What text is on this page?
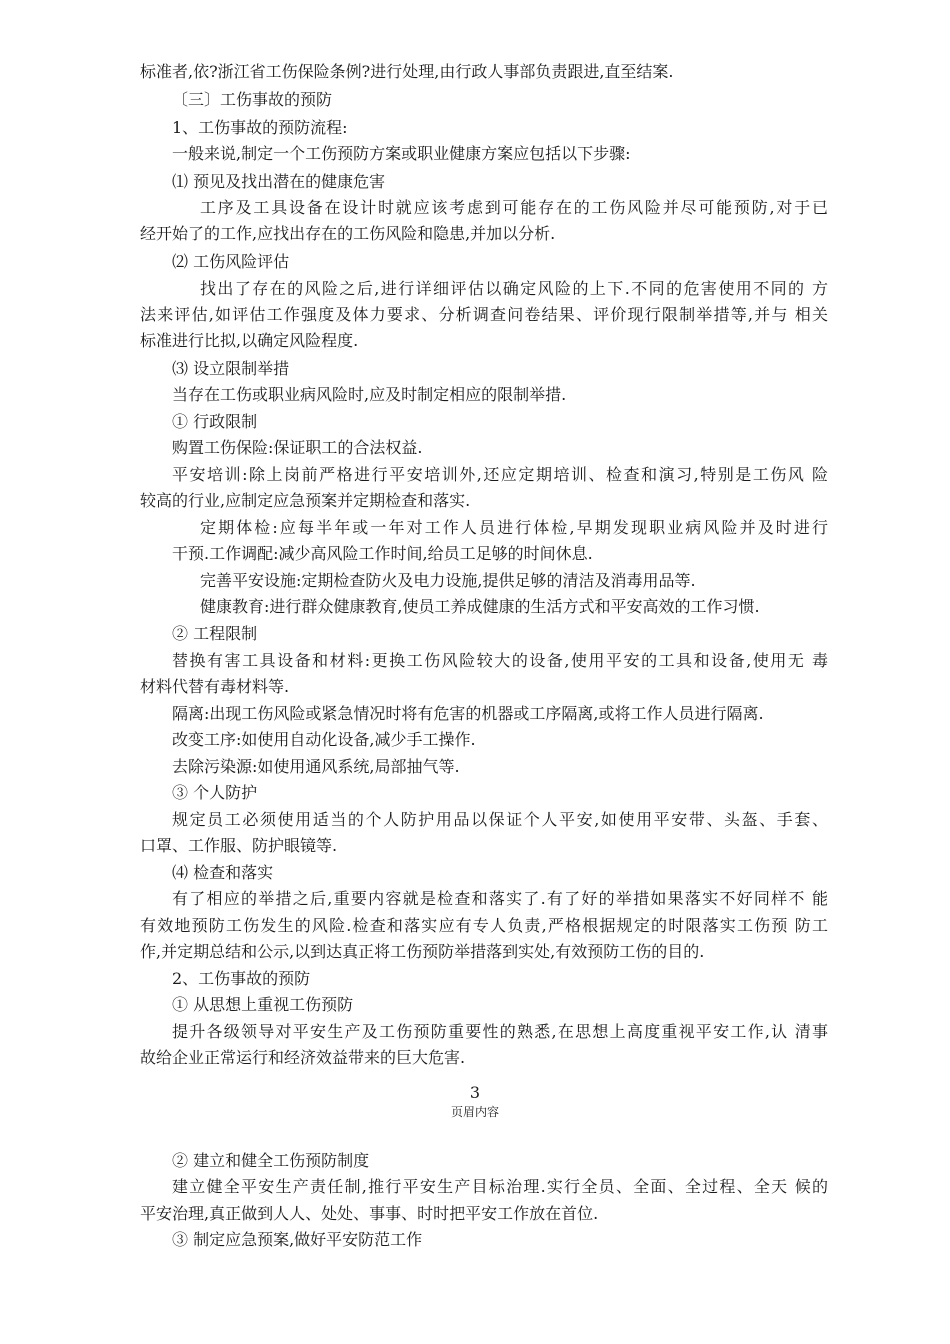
标准者,依?浙江省工伤保险条例?进行处理,由行政人事部负责跟进,直至结案.
〔三〕工伤事故的预防
1、工伤事故的预防流程:
一般来说,制定一个工伤预防方案或职业健康方案应包括以下步骤:
⑴ 预见及找出潜在的健康危害
工序及工具设备在设计时就应该考虑到可能存在的工伤风险并尽可能预防,对于已
经开始了的工作,应找出存在的工伤风险和隐患,并加以分析.
⑵ 工伤风险评估
找出了存在的风险之后,进行详细评估以确定风险的上下.不同的危害使用不同的 方
法来评估,如评估工作强度及体力要求、分析调查问卷结果、评价现行限制举措等,并与 相关
标准进行比拟,以确定风险程度.
⑶ 设立限制举措
当存在工伤或职业病风险时,应及时制定相应的限制举措.
① 行政限制
购置工伤保险:保证职工的合法权益.
平安培训:除上岗前严格进行平安培训外,还应定期培训、检查和演习,特别是工伤风 险
较高的行业,应制定应急预案并定期检查和落实.
定期体检:应每半年或一年对工作人员进行体检,早期发现职业病风险并及时进行
干预.工作调配:减少高风险工作时间,给员工足够的时间休息.
完善平安设施:定期检查防火及电力设施,提供足够的清洁及消毒用品等.
健康教育:进行群众健康教育,使员工养成健康的生活方式和平安高效的工作习惯.
② 工程限制
替换有害工具设备和材料:更换工伤风险较大的设备,使用平安的工具和设备,使用无 毒
材料代替有毒材料等.
隔离:出现工伤风险或紧急情况时将有危害的机器或工序隔离,或将工作人员进行隔离.
改变工序:如使用自动化设备,减少手工操作.
去除污染源:如使用通风系统,局部抽气等.
③ 个人防护
规定员工必须使用适当的个人防护用品以保证个人平安,如使用平安带、头盔、手套、
口罩、工作服、防护眼镜等.
⑷ 检查和落实
有了相应的举措之后,重要内容就是检查和落实了.有了好的举措如果落实不好同样不 能
有效地预防工伤发生的风险.检查和落实应有专人负责,严格根据规定的时限落实工伤预 防工
作,并定期总结和公示,以到达真正将工伤预防举措落到实处,有效预防工伤的目的.
2、工伤事故的预防
① 从思想上重视工伤预防
提升各级领导对平安生产及工伤预防重要性的熟悉,在思想上高度重视平安工作,认 清事
故给企业正常运行和经济效益带来的巨大危害.
3
页眉内容
② 建立和健全工伤预防制度
建立健全平安生产责任制,推行平安生产目标治理.实行全员、全面、全过程、全天 候的
平安治理,真正做到人人、处处、事事、时时把平安工作放在首位.
③ 制定应急预案,做好平安防范工作
